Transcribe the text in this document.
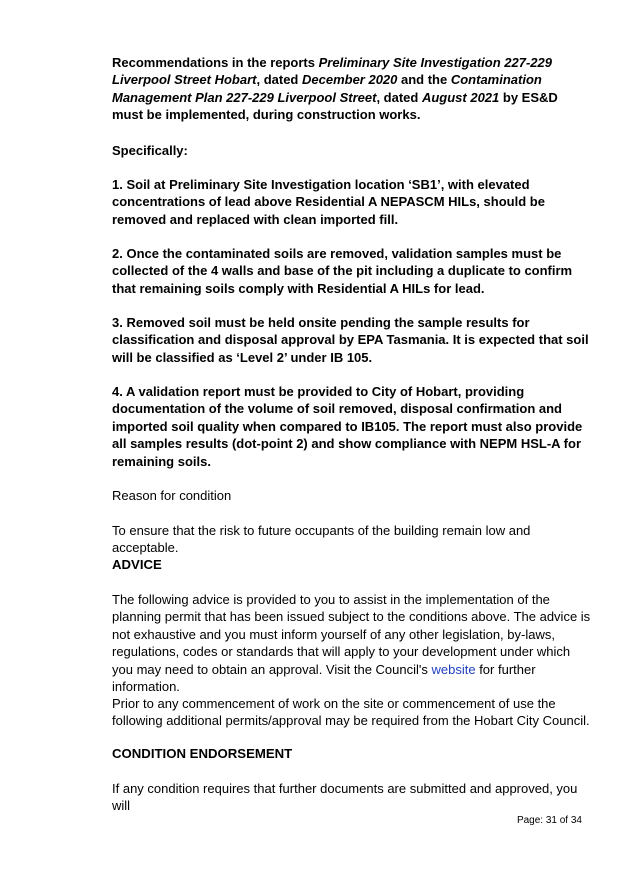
Recommendations in the reports Preliminary Site Investigation 227-229 Liverpool Street Hobart, dated December 2020 and the Contamination Management Plan 227-229 Liverpool Street, dated August 2021 by ES&D must be implemented, during construction works.
Specifically:
1. Soil at Preliminary Site Investigation location ‘SB1’, with elevated concentrations of lead above Residential A NEPASCM HILs, should be removed and replaced with clean imported fill.
2. Once the contaminated soils are removed, validation samples must be collected of the 4 walls and base of the pit including a duplicate to confirm that remaining soils comply with Residential A HILs for lead.
3. Removed soil must be held onsite pending the sample results for classification and disposal approval by EPA Tasmania. It is expected that soil will be classified as ‘Level 2’ under IB 105.
4. A validation report must be provided to City of Hobart, providing documentation of the volume of soil removed, disposal confirmation and imported soil quality when compared to IB105. The report must also provide all samples results (dot-point 2) and show compliance with NEPM HSL-A for remaining soils.
Reason for condition
To ensure that the risk to future occupants of the building remain low and acceptable.
ADVICE
The following advice is provided to you to assist in the implementation of the planning permit that has been issued subject to the conditions above. The advice is not exhaustive and you must inform yourself of any other legislation, by-laws, regulations, codes or standards that will apply to your development under which you may need to obtain an approval. Visit the Council's website for further information.
Prior to any commencement of work on the site or commencement of use the following additional permits/approval may be required from the Hobart City Council.
CONDITION ENDORSEMENT
If any condition requires that further documents are submitted and approved, you will
Page: 31 of 34
